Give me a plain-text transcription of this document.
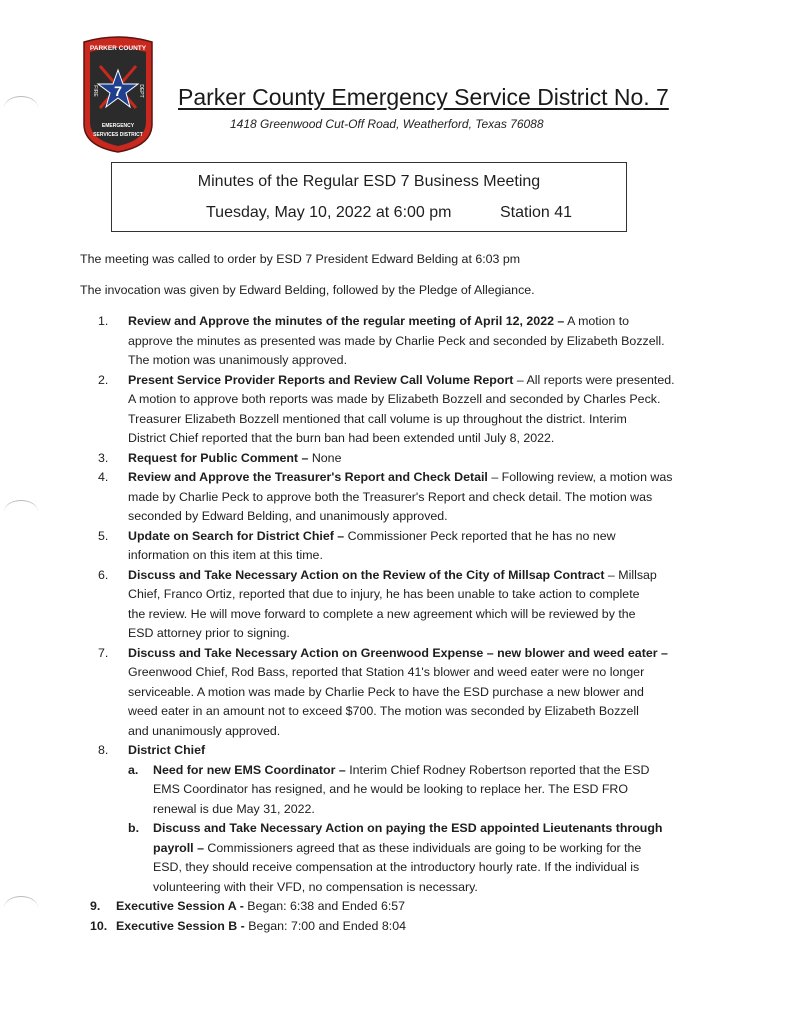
PARKER COUNTY
7
FIRE	DEPT
EMERGENCY
SERVICES DISTRICT
Parker County Emergency Service District No. 7
1418 Greenwood Cut-Off Road, Weatherford, Texas 76088
Minutes of the Regular ESD 7 Business Meeting
Tuesday, May 10, 2022 at 6:00 pm	Station 41
The meeting was called to order by ESD 7 President Edward Belding at 6:03 pm
The invocation was given by Edward Belding, followed by the Pledge of Allegiance.
1.	Review and Approve the minutes of the regular meeting of April 12, 2022 – A motion to
approve the minutes as presented was made by Charlie Peck and seconded by Elizabeth Bozzell.
The motion was unanimously approved.
2.	Present Service Provider Reports and Review Call Volume Report – All reports were presented.
A motion to approve both reports was made by Elizabeth Bozzell and seconded by Charles Peck.
Treasurer Elizabeth Bozzell mentioned that call volume is up throughout the district. Interim
District Chief reported that the burn ban had been extended until July 8, 2022.
3.	Request for Public Comment – None
4.	Review and Approve the Treasurer's Report and Check Detail – Following review, a motion was
made by Charlie Peck to approve both the Treasurer's Report and check detail. The motion was
seconded by Edward Belding, and unanimously approved.
5.	Update on Search for District Chief – Commissioner Peck reported that he has no new
information on this item at this time.
6.	Discuss and Take Necessary Action on the Review of the City of Millsap Contract – Millsap
Chief, Franco Ortiz, reported that due to injury, he has been unable to take action to complete
the review. He will move forward to complete a new agreement which will be reviewed by the
ESD attorney prior to signing.
7.	Discuss and Take Necessary Action on Greenwood Expense – new blower and weed eater –
Greenwood Chief, Rod Bass, reported that Station 41's blower and weed eater were no longer
serviceable. A motion was made by Charlie Peck to have the ESD purchase a new blower and
weed eater in an amount not to exceed $700. The motion was seconded by Elizabeth Bozzell
and unanimously approved.
8.	District Chief
a.	Need for new EMS Coordinator – Interim Chief Rodney Robertson reported that the ESD
EMS Coordinator has resigned, and he would be looking to replace her. The ESD FRO
renewal is due May 31, 2022.
b.	Discuss and Take Necessary Action on paying the ESD appointed Lieutenants through
payroll – Commissioners agreed that as these individuals are going to be working for the
ESD, they should receive compensation at the introductory hourly rate. If the individual is
volunteering with their VFD, no compensation is necessary.
9.	Executive Session A - Began: 6:38 and Ended 6:57
10. Executive Session B - Began: 7:00 and Ended 8:04
